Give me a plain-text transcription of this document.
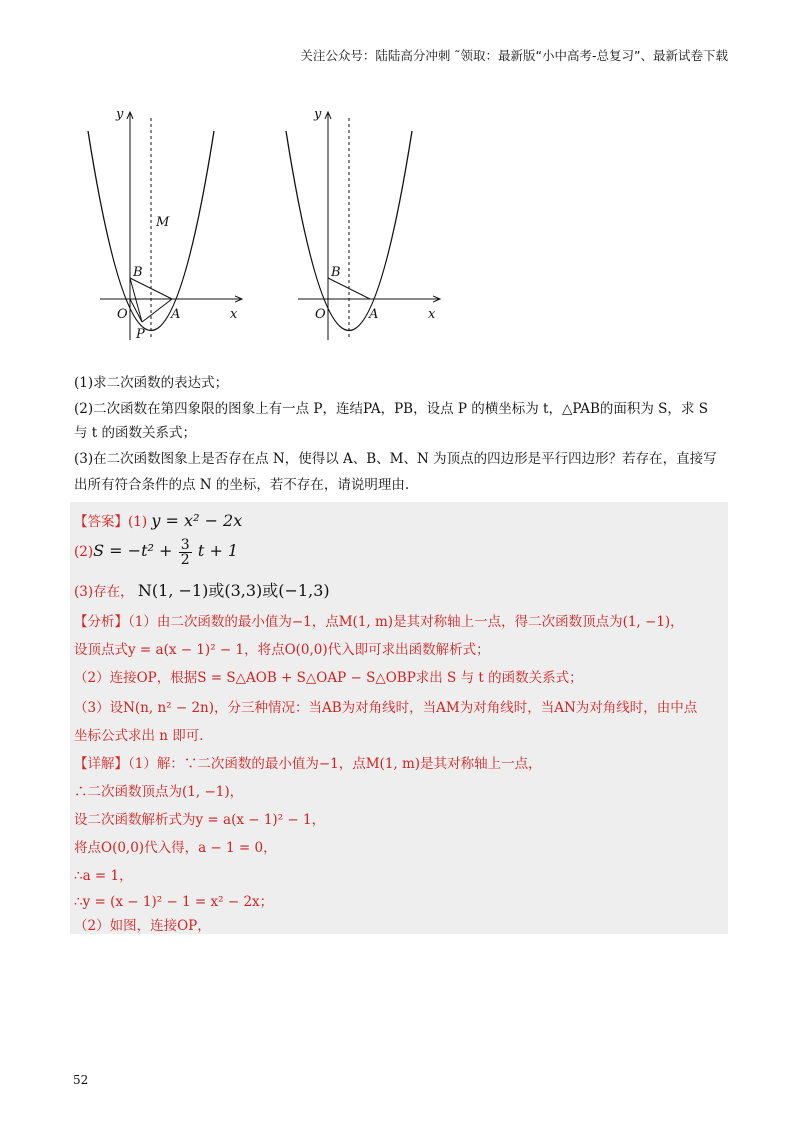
关注公众号：陆陆高分冲刺 ˜领取：最新版“小中高考-总复习”、最新试卷下载
y
x
O
B
A
M
P
y
x
O
B
A
(1)求二次函数的表达式；
(2)二次函数在第四象限的图象上有一点 P，连结PA，PB，设点 P 的横坐标为 t，△PAB的面积为 S，求 S
与 t 的函数关系式；
(3)在二次函数图象上是否存在点 N，使得以 A、B、M、N 为顶点的四边形是平行四边形？若存在，直接写
出所有符合条件的点 N 的坐标，若不存在，请说明理由.
【答案】(1) y = x² − 2x
$(2)S = -t^2 + \frac{3}{2}$ t + 1
(3)存在， N(1, −1)或(3,3)或(−1,3)
【分析】（1）由二次函数的最小值为−1，点M(1, m)是其对称轴上一点，得二次函数顶点为(1, −1)，
设顶点式y = a(x − 1)² − 1，将点O(0,0)代入即可求出函数解析式；
（2）连接OP，根据S = S△AOB + S△OAP − S△OBP求出 S 与 t 的函数关系式；
（3）设N(n, n² − 2n)，分三种情况：当AB为对角线时，当AM为对角线时，当AN为对角线时，由中点
坐标公式求出 n 即可.
【详解】（1）解：∵二次函数的最小值为−1，点M(1, m)是其对称轴上一点，
∴二次函数顶点为(1, −1)，
设二次函数解析式为y = a(x − 1)² − 1，
将点O(0,0)代入得，a − 1 = 0，
∴a = 1，
∴y = (x − 1)² − 1 = x² − 2x；
（2）如图，连接OP，
52
